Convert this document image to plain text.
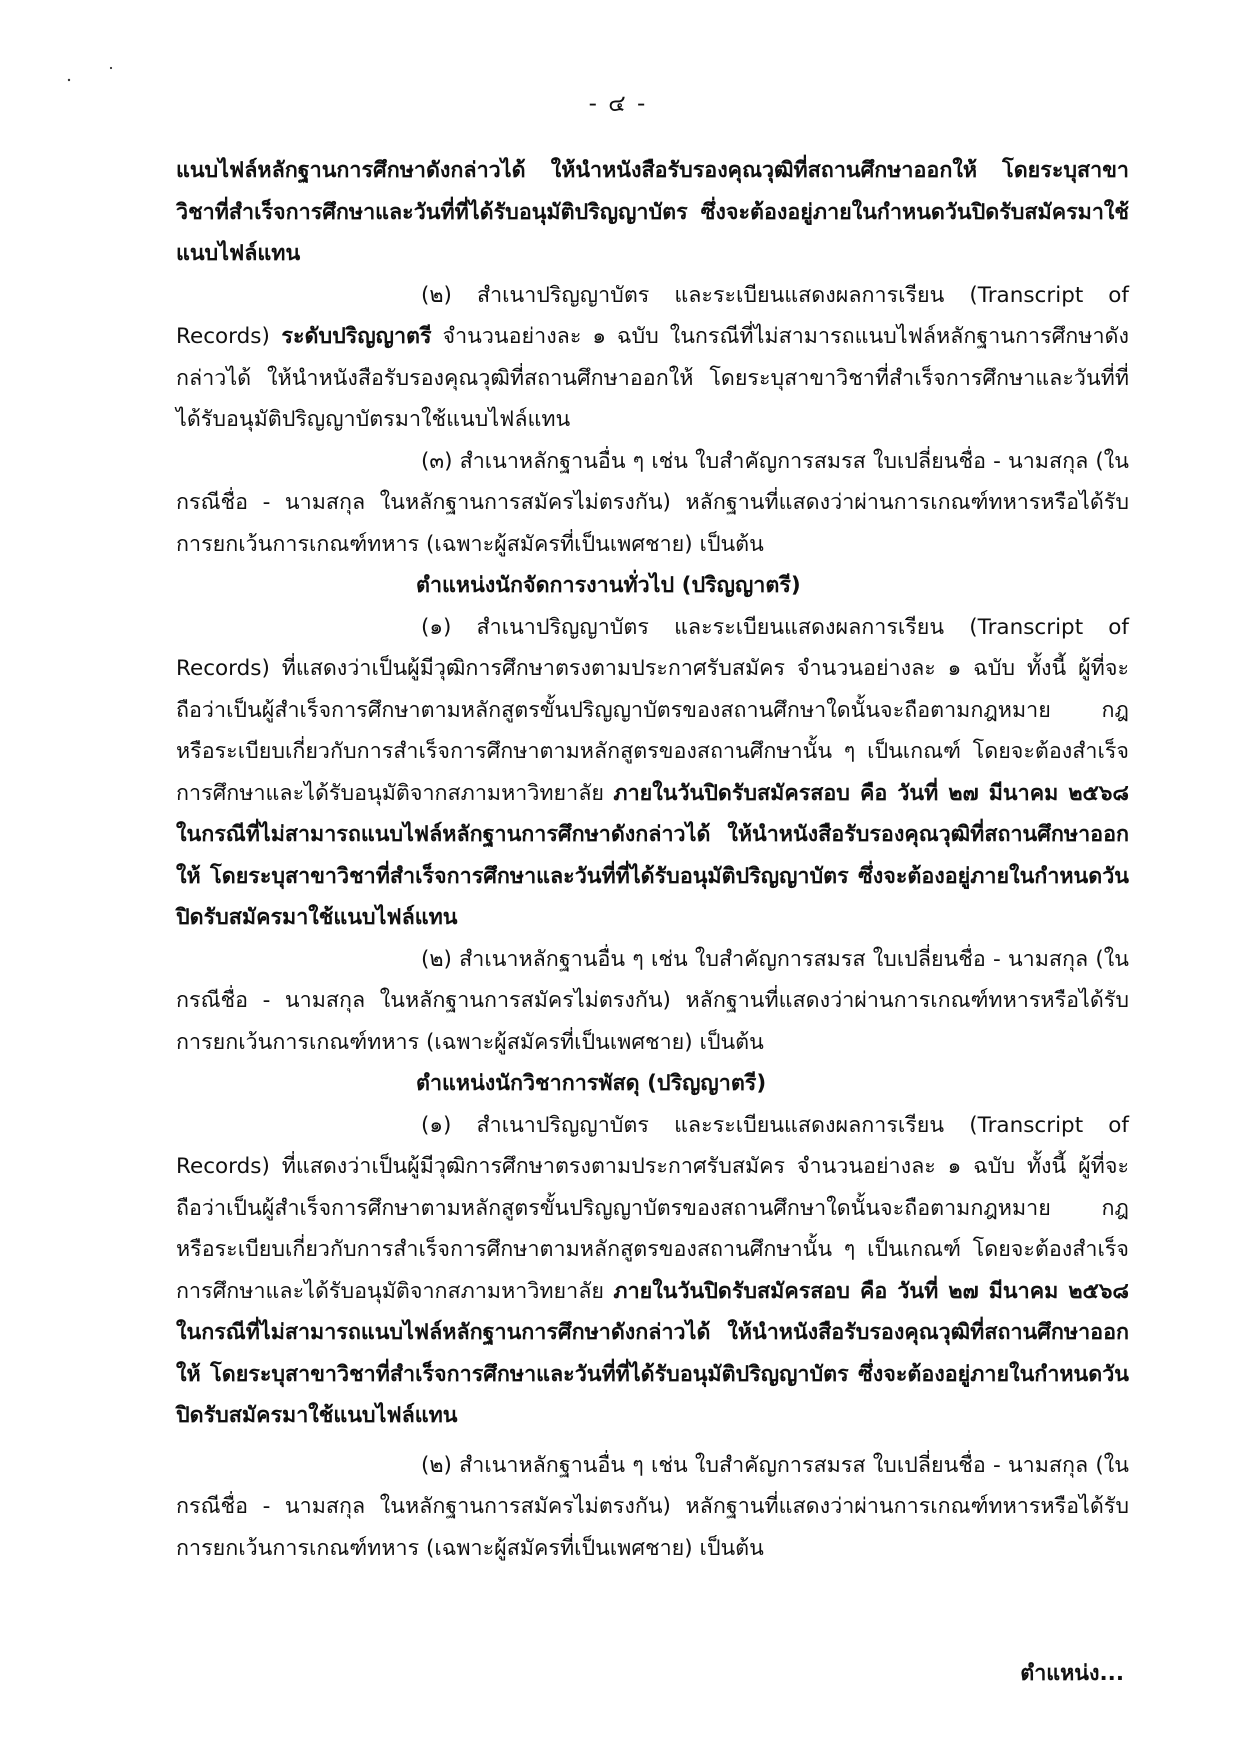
- ๔ -

แนบไฟล์หลักฐานการศึกษาดังกล่าวได้ ให้นำหนังสือรับรองคุณวุฒิที่สถานศึกษาออกให้ โดยระบุสาขาวิชาที่สำเร็จการศึกษาและวันที่ที่ได้รับอนุมัติปริญญาบัตร ซึ่งจะต้องอยู่ภายในกำหนดวันปิดรับสมัครมาใช้แนบไฟล์แทน

(๒) สำเนาปริญญาบัตร และระเบียนแสดงผลการเรียน (Transcript of Records) ระดับปริญญาตรี จำนวนอย่างละ ๑ ฉบับ ในกรณีที่ไม่สามารถแนบไฟล์หลักฐานการศึกษาดังกล่าวได้ ให้นำหนังสือรับรองคุณวุฒิที่สถานศึกษาออกให้ โดยระบุสาขาวิชาที่สำเร็จการศึกษาและวันที่ที่ได้รับอนุมัติปริญญาบัตรมาใช้แนบไฟล์แทน

(๓) สำเนาหลักฐานอื่น ๆ เช่น ใบสำคัญการสมรส ใบเปลี่ยนชื่อ - นามสกุล (ในกรณีชื่อ - นามสกุล ในหลักฐานการสมัครไม่ตรงกัน) หลักฐานที่แสดงว่าผ่านการเกณฑ์ทหารหรือได้รับการยกเว้นการเกณฑ์ทหาร (เฉพาะผู้สมัครที่เป็นเพศชาย) เป็นต้น

ตำแหน่งนักจัดการงานทั่วไป (ปริญญาตรี)

(๑) สำเนาปริญญาบัตร และระเบียนแสดงผลการเรียน (Transcript of Records) ที่แสดงว่าเป็นผู้มีวุฒิการศึกษาตรงตามประกาศรับสมัคร จำนวนอย่างละ ๑ ฉบับ ทั้งนี้ ผู้ที่จะถือว่าเป็นผู้สำเร็จการศึกษาตามหลักสูตรขั้นปริญญาบัตรของสถานศึกษาใดนั้นจะถือตามกฎหมาย กฎ หรือระเบียบเกี่ยวกับการสำเร็จการศึกษาตามหลักสูตรของสถานศึกษานั้น ๆ เป็นเกณฑ์ โดยจะต้องสำเร็จการศึกษาและได้รับอนุมัติจากสภามหาวิทยาลัย ภายในวันปิดรับสมัครสอบ คือ วันที่ ๒๗ มีนาคม ๒๕๖๘ ในกรณีที่ไม่สามารถแนบไฟล์หลักฐานการศึกษาดังกล่าวได้ ให้นำหนังสือรับรองคุณวุฒิที่สถานศึกษาออกให้ โดยระบุสาขาวิชาที่สำเร็จการศึกษาและวันที่ที่ได้รับอนุมัติปริญญาบัตร ซึ่งจะต้องอยู่ภายในกำหนดวันปิดรับสมัครมาใช้แนบไฟล์แทน

(๒) สำเนาหลักฐานอื่น ๆ เช่น ใบสำคัญการสมรส ใบเปลี่ยนชื่อ - นามสกุล (ในกรณีชื่อ - นามสกุล ในหลักฐานการสมัครไม่ตรงกัน) หลักฐานที่แสดงว่าผ่านการเกณฑ์ทหารหรือได้รับการยกเว้นการเกณฑ์ทหาร (เฉพาะผู้สมัครที่เป็นเพศชาย) เป็นต้น

ตำแหน่งนักวิชาการพัสดุ (ปริญญาตรี)

(๑) สำเนาปริญญาบัตร และระเบียนแสดงผลการเรียน (Transcript of Records) ที่แสดงว่าเป็นผู้มีวุฒิการศึกษาตรงตามประกาศรับสมัคร จำนวนอย่างละ ๑ ฉบับ ทั้งนี้ ผู้ที่จะถือว่าเป็นผู้สำเร็จการศึกษาตามหลักสูตรขั้นปริญญาบัตรของสถานศึกษาใดนั้นจะถือตามกฎหมาย กฎ หรือระเบียบเกี่ยวกับการสำเร็จการศึกษาตามหลักสูตรของสถานศึกษานั้น ๆ เป็นเกณฑ์ โดยจะต้องสำเร็จการศึกษาและได้รับอนุมัติจากสภามหาวิทยาลัย ภายในวันปิดรับสมัครสอบ คือ วันที่ ๒๗ มีนาคม ๒๕๖๘ ในกรณีที่ไม่สามารถแนบไฟล์หลักฐานการศึกษาดังกล่าวได้ ให้นำหนังสือรับรองคุณวุฒิที่สถานศึกษาออกให้ โดยระบุสาขาวิชาที่สำเร็จการศึกษาและวันที่ที่ได้รับอนุมัติปริญญาบัตร ซึ่งจะต้องอยู่ภายในกำหนดวันปิดรับสมัครมาใช้แนบไฟล์แทน

(๒) สำเนาหลักฐานอื่น ๆ เช่น ใบสำคัญการสมรส ใบเปลี่ยนชื่อ - นามสกุล (ในกรณีชื่อ - นามสกุล ในหลักฐานการสมัครไม่ตรงกัน) หลักฐานที่แสดงว่าผ่านการเกณฑ์ทหารหรือได้รับการยกเว้นการเกณฑ์ทหาร (เฉพาะผู้สมัครที่เป็นเพศชาย) เป็นต้น

ตำแหน่ง...
